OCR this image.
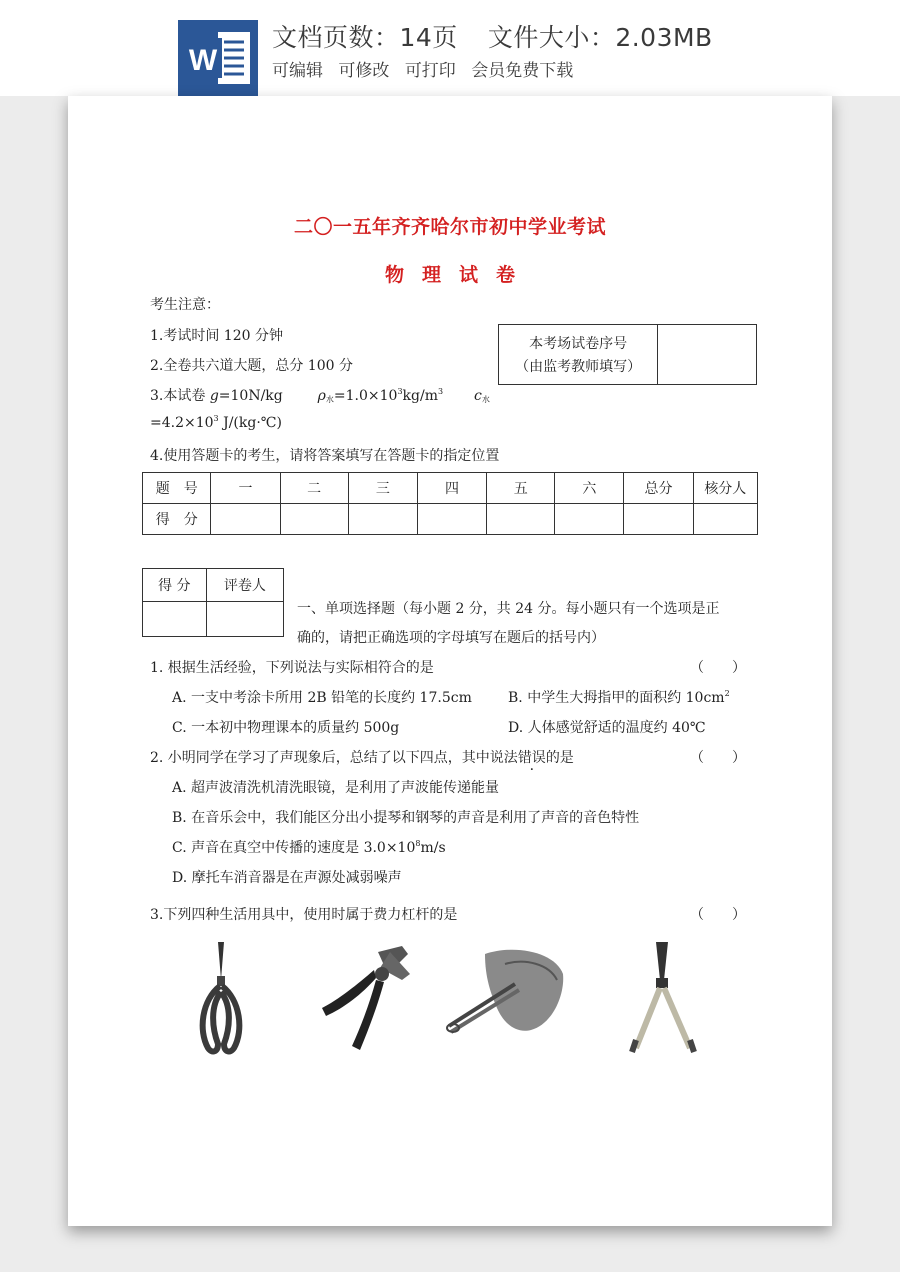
W
文档页数：14页 文件大小：2.03MB
可编辑 可修改 可打印 会员免费下载
二〇一五年齐齐哈尔市初中学业考试
物理试卷
考生注意：
1.考试时间 120 分钟
2.全卷共六道大题，总分 100 分
3.本试卷 g=10N/kg $\rho_水=1.0\times 10^3kg/m^3$ $c_水$
$=4.2\times 10^3$ J/(kg·℃)
4.使用答题卡的考生，请将答案填写在答题卡的指定位置
本考场试卷序号	
（由监考教师填写）
题　号	一	二	三	四	五	六	总分	核分人
得　分								
得 分	评卷人

一、单项选择题（每小题 2 分，共 24 分。每小题只有一个选项是正
确的，请把正确选项的字母填写在题后的括号内）
1. 根据生活经验，下列说法与实际相符合的是	（　　）
A. 一支中考涂卡所用 2B 铅笔的长度约 17.5cm	B. 中学生大拇指甲的面积约 $10cm^2$
C. 一本初中物理课本的质量约 500g	D. 人体感觉舒适的温度约 40℃
2. 小明同学在学习了声现象后，总结了以下四点，其中说法错误的是	（　　）
A. 超声波清洗机清洗眼镜，是利用了声波能传递能量
B. 在音乐会中，我们能区分出小提琴和钢琴的声音是利用了声音的音色特性
C. 声音在真空中传播的速度是 $3.0\times 10^8m/s$
D. 摩托车消音器是在声源处减弱噪声
3.下列四种生活用具中，使用时属于费力杠杆的是	（　　）
